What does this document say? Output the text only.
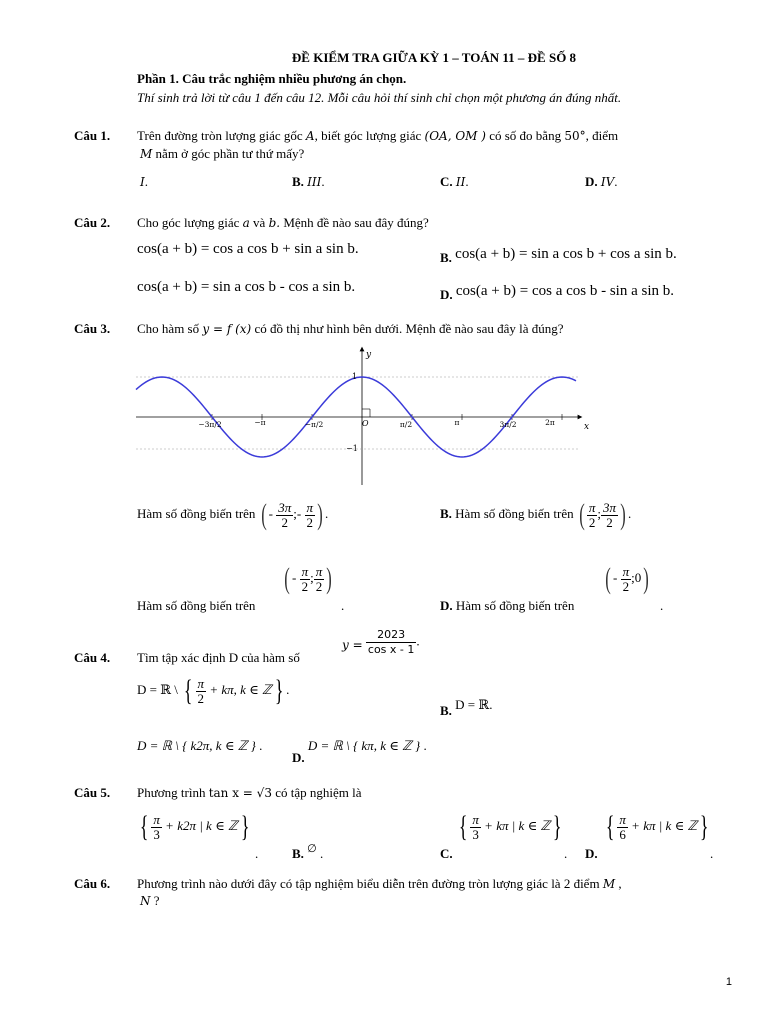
ĐỀ KIỂM TRA GIỮA KỲ 1 – TOÁN 11 – ĐỀ SỐ 8
Phần 1. Câu trắc nghiệm nhiều phương án chọn.
Thí sinh trả lời từ câu 1 đến câu 12. Mỗi câu hỏi thí sinh chỉ chọn một phương án đúng nhất.
Câu 1. Trên đường tròn lượng giác gốc A, biết góc lượng giác (OA, OM ) có số đo bằng 50°, điểm
M nằm ở góc phần tư thứ mấy?
I.	B. III.	C. II.	D. IV.
Câu 2. Cho góc lượng giác a và b. Mệnh đề nào sau đây đúng?
cos(a + b) = cos a cos b + sin a sin b.
B. cos(a + b) = sin a cos b + cos a sin b.
cos(a + b) = sin a cos b - cos a sin b.	D. cos(a + b) = cos a cos b - sin a sin b.
Câu 3. Cho hàm số y = f (x) có đồ thị như hình bên dưới. Mệnh đề nào sau đây là đúng?
x
y
O
1
−1
−3π/2	−π	−π/2	π/2	π	3π/2	2π
Hàm số đồng biến trên ( - $\frac{3\pi}{2}$ ;- $\frac{\pi}{2}$ ) .	B. Hàm số đồng biến trên ( $\frac{\pi}{2}$ ; $\frac{3\pi}{2}$ ) .
Hàm số đồng biến trên
( - $\frac{\pi}{2}$ ; $\frac{\pi}{2}$ )
.	D. Hàm số đồng biến trên
( - $\frac{\pi}{2}$ ;0)
.
Câu 4. Tìm tập xác định D của hàm số
$y = \frac{2023}{\text{cos x - 1}}$ .
D = ℝ \ { $\frac{\pi}{2} + k\pi$, k ∈ ℤ} .
B. D = ℝ.
D = ℝ \ { k2π, k ∈ ℤ } .
D. D = ℝ \ { kπ, k ∈ ℤ } .
Câu 5. Phương trình tan x = √3 có tập nghiệm là
{ $\frac{\pi}{3} + k2\pi$ | k ∈ ℤ}
.	B. ∅ .	C.
{ $\frac{\pi}{3} + k\pi$ | k ∈ ℤ}
. D.
{ $\frac{\pi}{6} + k\pi$ | k ∈ ℤ}
.
Câu 6. Phương trình nào dưới đây có tập nghiệm biểu diễn trên đường tròn lượng giác là 2 điểm M ,
N ?
1
